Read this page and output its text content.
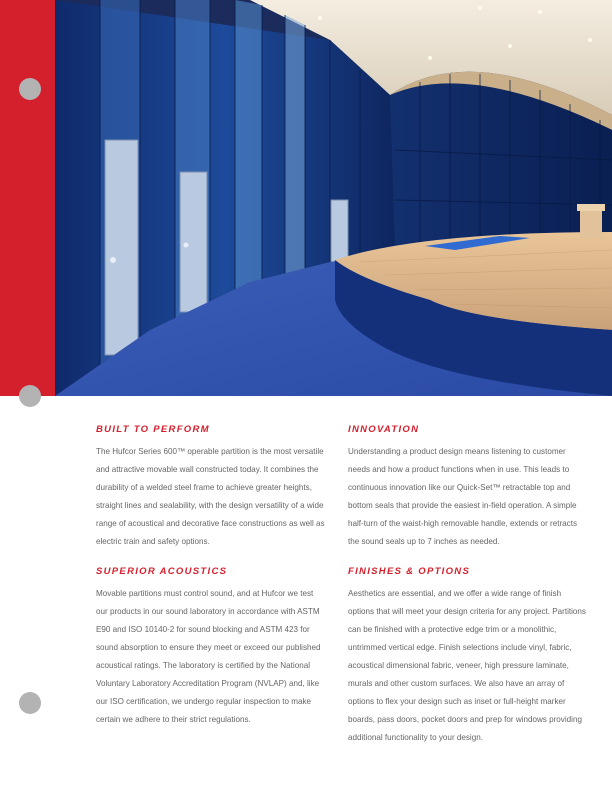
BUILT TO PERFORM

The Hufcor Series 600™ operable partition is the most versatile and attractive movable wall constructed today. It combines the durability of a welded steel frame to achieve greater heights, straight lines and sealability, with the design versatility of a wide range of acoustical and decorative face constructions as well as electric train and safety options.

SUPERIOR ACOUSTICS

Movable partitions must control sound, and at Hufcor we test our products in our sound laboratory in accordance with ASTM E90 and ISO 10140-2 for sound blocking and ASTM 423 for sound absorption to ensure they meet or exceed our published acoustical ratings. The laboratory is certified by the National Voluntary Laboratory Accreditation Program (NVLAP) and, like our ISO certification, we undergo regular inspection to make certain we adhere to their strict regulations.

INNOVATION

Understanding a product design means listening to customer needs and how a product functions when in use. This leads to continuous innovation like our Quick-Set™ retractable top and bottom seals that provide the easiest in-field operation. A simple half-turn of the waist-high removable handle, extends or retracts the sound seals up to 7 inches as needed.

FINISHES & OPTIONS

Aesthetics are essential, and we offer a wide range of finish options that will meet your design criteria for any project. Partitions can be finished with a protective edge trim or a monolithic, untrimmed vertical edge. Finish selections include vinyl, fabric, acoustical dimensional fabric, veneer, high pressure laminate, murals and other custom surfaces. We also have an array of options to flex your design such as inset or full-height marker boards, pass doors, pocket doors and prep for windows providing additional functionality to your design.
